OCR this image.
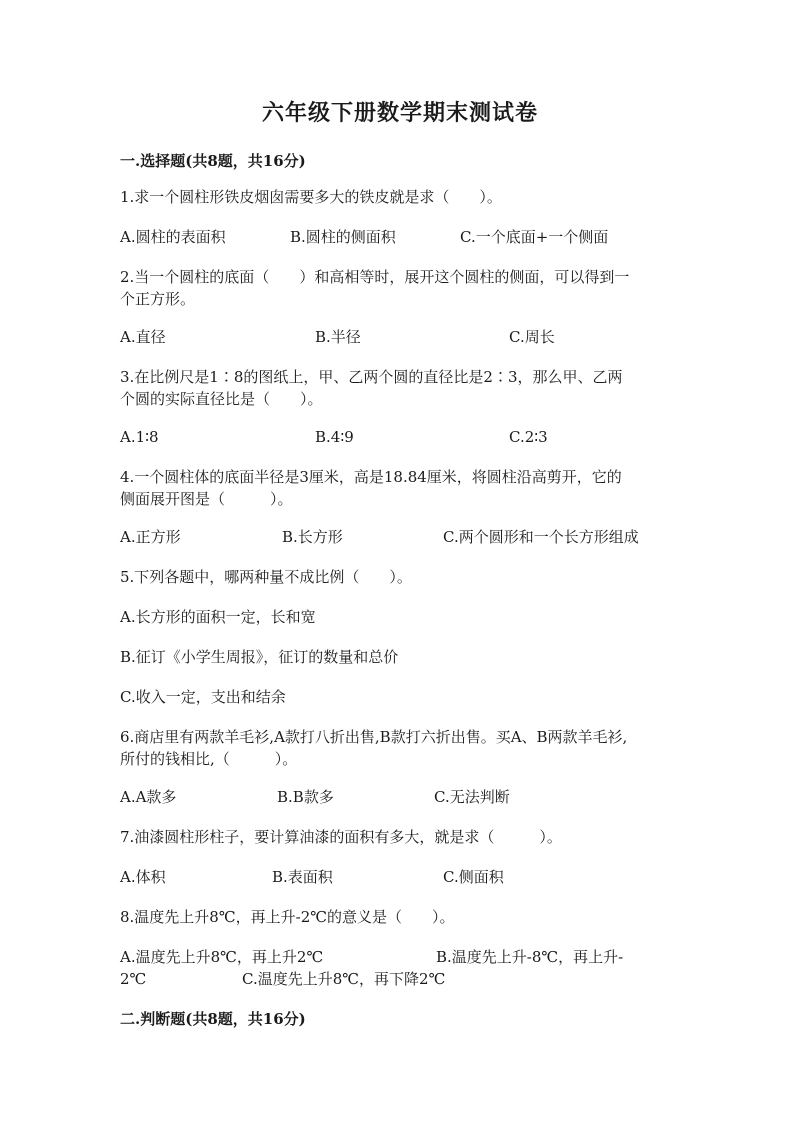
六年级下册数学期末测试卷
一.选择题(共8题，共16分)
1.求一个圆柱形铁皮烟囱需要多大的铁皮就是求（　　）。
A.圆柱的表面积	B.圆柱的侧面积	C.一个底面+一个侧面
2.当一个圆柱的底面（　　）和高相等时，展开这个圆柱的侧面，可以得到一
个正方形。
A.直径	B.半径	C.周长
3.在比例尺是1∶8的图纸上，甲、乙两个圆的直径比是2∶3，那么甲、乙两
个圆的实际直径比是（　　）。
A.1∶8	B.4∶9	C.2∶3
4.一个圆柱体的底面半径是3厘米，高是18.84厘米，将圆柱沿高剪开，它的
侧面展开图是（　　　）。
A.正方形	B.长方形	C.两个圆形和一个长方形组成
5.下列各题中，哪两种量不成比例（　　）。
A.长方形的面积一定，长和宽
B.征订《小学生周报》，征订的数量和总价
C.收入一定，支出和结余
6.商店里有两款羊毛衫,A款打八折出售,B款打六折出售。买A、B两款羊毛衫,
所付的钱相比,（　　　）。
A.A款多	B.B款多	C.无法判断
7.油漆圆柱形柱子，要计算油漆的面积有多大，就是求（　　　）。
A.体积	B.表面积	C.侧面积
8.温度先上升8℃，再上升-2℃的意义是（　　）。
A.温度先上升8℃，再上升2℃	B.温度先上升-8℃，再上升-
2℃	C.温度先上升8℃，再下降2℃
二.判断题(共8题，共16分)
